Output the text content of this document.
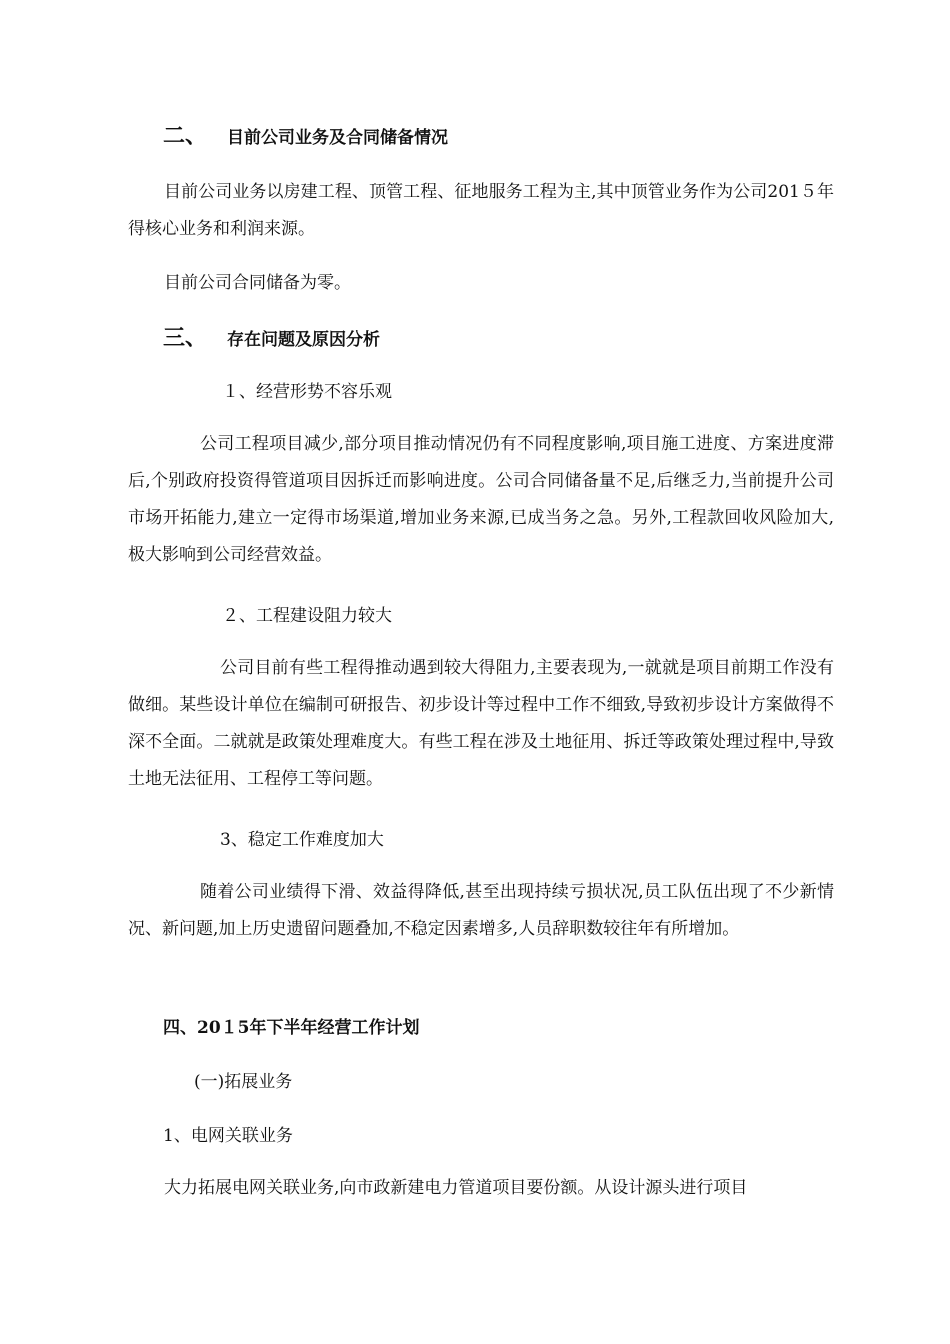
二、 目前公司业务及合同储备情况
目前公司业务以房建工程、顶管工程、征地服务工程为主,其中顶管业务作为公司201５年得核心业务和利润来源。
目前公司合同储备为零。
三、 存在问题及原因分析
１、经营形势不容乐观
公司工程项目减少,部分项目推动情况仍有不同程度影响,项目施工进度、方案进度滞后,个别政府投资得管道项目因拆迁而影响进度。公司合同储备量不足,后继乏力,当前提升公司市场开拓能力,建立一定得市场渠道,增加业务来源,已成当务之急。另外,工程款回收风险加大,极大影响到公司经营效益。
２、工程建设阻力较大
公司目前有些工程得推动遇到较大得阻力,主要表现为,一就就是项目前期工作没有做细。某些设计单位在编制可研报告、初步设计等过程中工作不细致,导致初步设计方案做得不深不全面。二就就是政策处理难度大。有些工程在涉及土地征用、拆迁等政策处理过程中,导致土地无法征用、工程停工等问题。
3、稳定工作难度加大
随着公司业绩得下滑、效益得降低,甚至出现持续亏损状况,员工队伍出现了不少新情况、新问题,加上历史遗留问题叠加,不稳定因素增多,人员辞职数较往年有所增加。
四、20１5年下半年经营工作计划
(一)拓展业务
1、电网关联业务
大力拓展电网关联业务,向市政新建电力管道项目要份额。从设计源头进行项目
